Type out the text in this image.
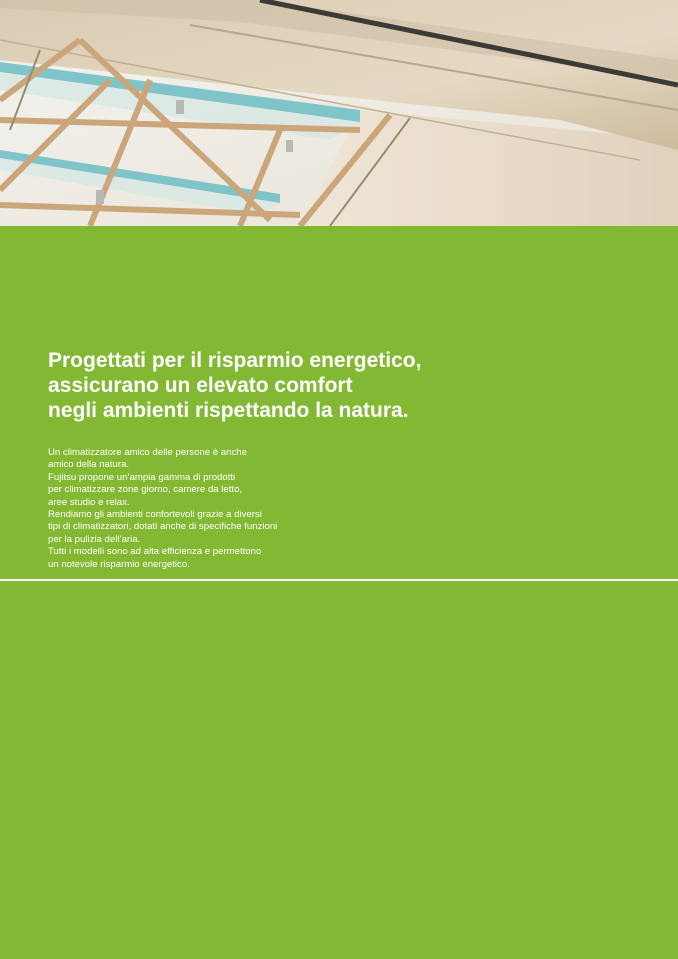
Progettati per il risparmio energetico,
assicurano un elevato comfort
negli ambienti rispettando la natura.

Un climatizzatore amico delle persone è anche
amico della natura.
Fujitsu propone un’ampia gamma di prodotti
per climatizzare zone giorno, camere da letto,
aree studio e relax.
Rendiamo gli ambienti confortevoli grazie a diversi
tipi di climatizzatori, dotati anche di specifiche funzioni
per la pulizia dell’aria.
Tutti i modelli sono ad alta efficienza e permettono
un notevole risparmio energetico.
